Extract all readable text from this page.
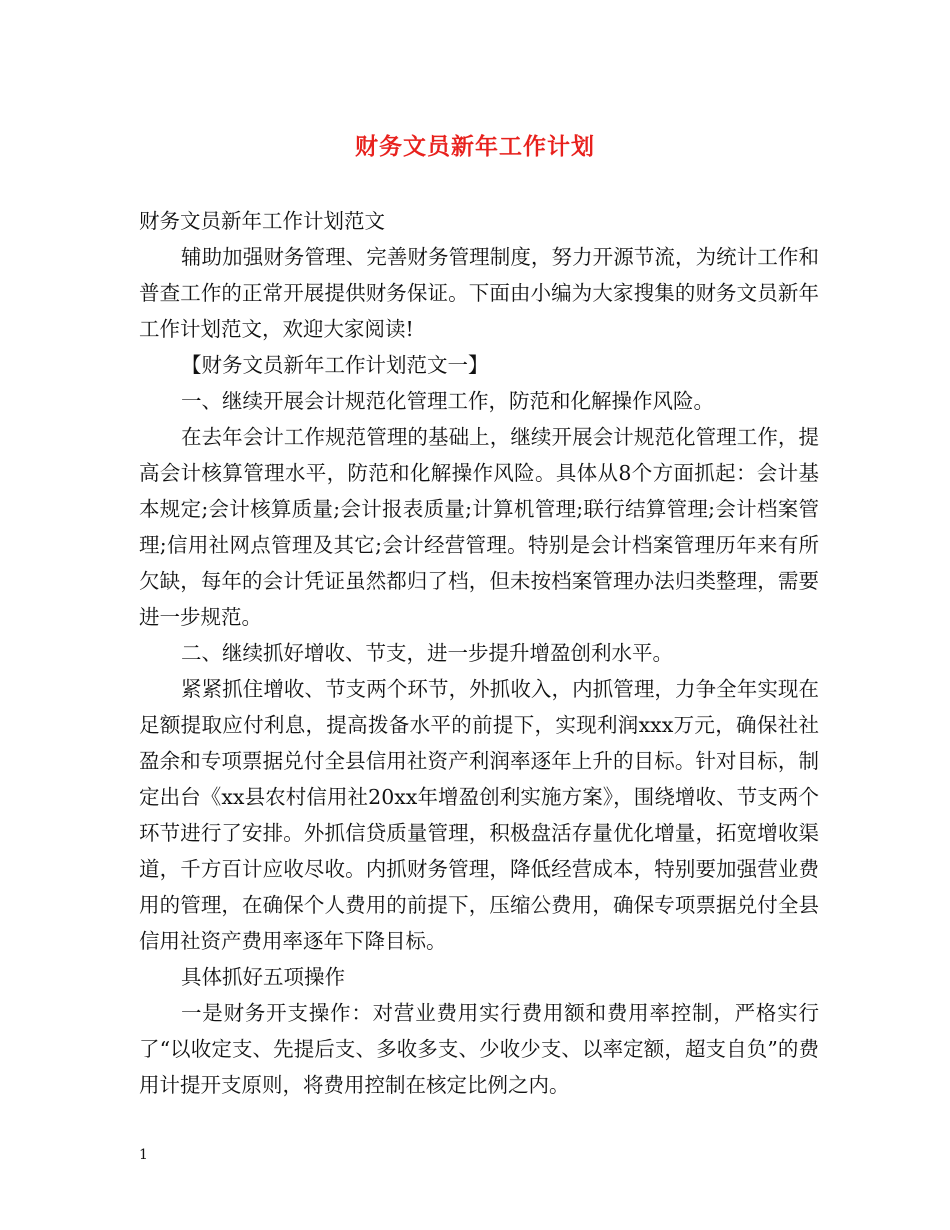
财务文员新年工作计划

财务文员新年工作计划范文

辅助加强财务管理、完善财务管理制度，努力开源节流，为统计工作和普查工作的正常开展提供财务保证。下面由小编为大家搜集的财务文员新年工作计划范文，欢迎大家阅读!

【财务文员新年工作计划范文一】

一、继续开展会计规范化管理工作，防范和化解操作风险。

在去年会计工作规范管理的基础上，继续开展会计规范化管理工作，提高会计核算管理水平，防范和化解操作风险。具体从8个方面抓起：会计基本规定;会计核算质量;会计报表质量;计算机管理;联行结算管理;会计档案管理;信用社网点管理及其它;会计经营管理。特别是会计档案管理历年来有所欠缺，每年的会计凭证虽然都归了档，但未按档案管理办法归类整理，需要进一步规范。

二、继续抓好增收、节支，进一步提升增盈创利水平。

紧紧抓住增收、节支两个环节，外抓收入，内抓管理，力争全年实现在足额提取应付利息，提高拨备水平的前提下，实现利润xxx万元，确保社社盈余和专项票据兑付全县信用社资产利润率逐年上升的目标。针对目标，制定出台《xx县农村信用社20xx年增盈创利实施方案》，围绕增收、节支两个环节进行了安排。外抓信贷质量管理，积极盘活存量优化增量，拓宽增收渠道，千方百计应收尽收。内抓财务管理，降低经营成本，特别要加强营业费用的管理，在确保个人费用的前提下，压缩公费用，确保专项票据兑付全县信用社资产费用率逐年下降目标。

具体抓好五项操作

一是财务开支操作：对营业费用实行费用额和费用率控制，严格实行了“以收定支、先提后支、多收多支、少收少支、以率定额，超支自负”的费用计提开支原则，将费用控制在核定比例之内。

1
